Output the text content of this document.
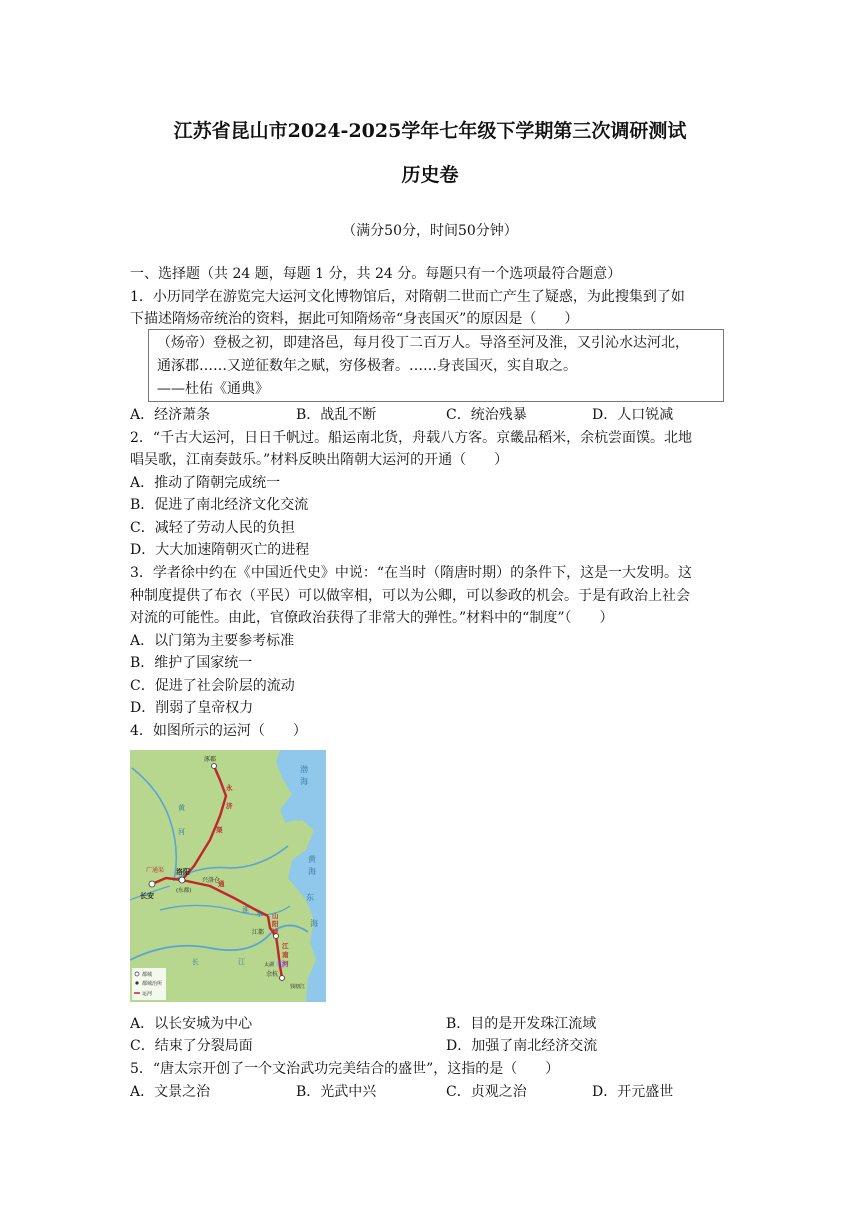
江苏省昆山市2024-2025学年七年级下学期第三次调研测试
历史卷
（满分50分，时间50分钟）
一、选择题（共 24 题，每题 1 分，共 24 分。每题只有一个选项最符合题意）
1．小历同学在游览完大运河文化博物馆后，对隋朝二世而亡产生了疑惑，为此搜集到了如
下描述隋炀帝统治的资料，据此可知隋炀帝“身丧国灭”的原因是（　　）
（炀帝）登极之初，即建洛邑，每月役丁二百万人。导洛至河及淮，又引沁水达河北，
通涿郡……又逆征数年之赋，穷侈极奢。……身丧国灭，实自取之。
——杜佑《通典》
A．经济萧条	B．战乱不断	C．统治残暴	D．人口锐减
2．“千古大运河，日日千帆过。船运南北货，舟载八方客。京畿品稻米，余杭尝面馍。北地
唱吴歌，江南奏鼓乐。”材料反映出隋朝大运河的开通（　　）
A．推动了隋朝完成统一
B．促进了南北经济文化交流
C．减轻了劳动人民的负担
D．大大加速隋朝灭亡的进程
3．学者徐中约在《中国近代史》中说：“在当时（隋唐时期）的条件下，这是一大发明。这
种制度提供了布衣（平民）可以做宰相，可以为公卿，可以参政的机会。于是有政治上社会
对流的可能性。由此，官僚政治获得了非常大的弹性。”材料中的“制度”（　　）
A．以门第为主要参考标准
B．维护了国家统一
C．促进了社会阶层的流动
D．削弱了皇帝权力
4．如图所示的运河（　　）
涿郡
洛阳
(东都)
兴洛仓
长安
广通渠
江都
余杭
钱塘江
太湖
渤
海
黄
海
东
海
黄
河
淮 水
长	江
永
济
渠
通
山
阳
渎
江
南
河
都城
都城治所
运河
A．以长安城为中心	B．目的是开发珠江流域
C．结束了分裂局面	D．加强了南北经济交流
5．“唐太宗开创了一个文治武功完美结合的盛世”，这指的是（　　）
A．文景之治	B．光武中兴	C．贞观之治	D．开元盛世
